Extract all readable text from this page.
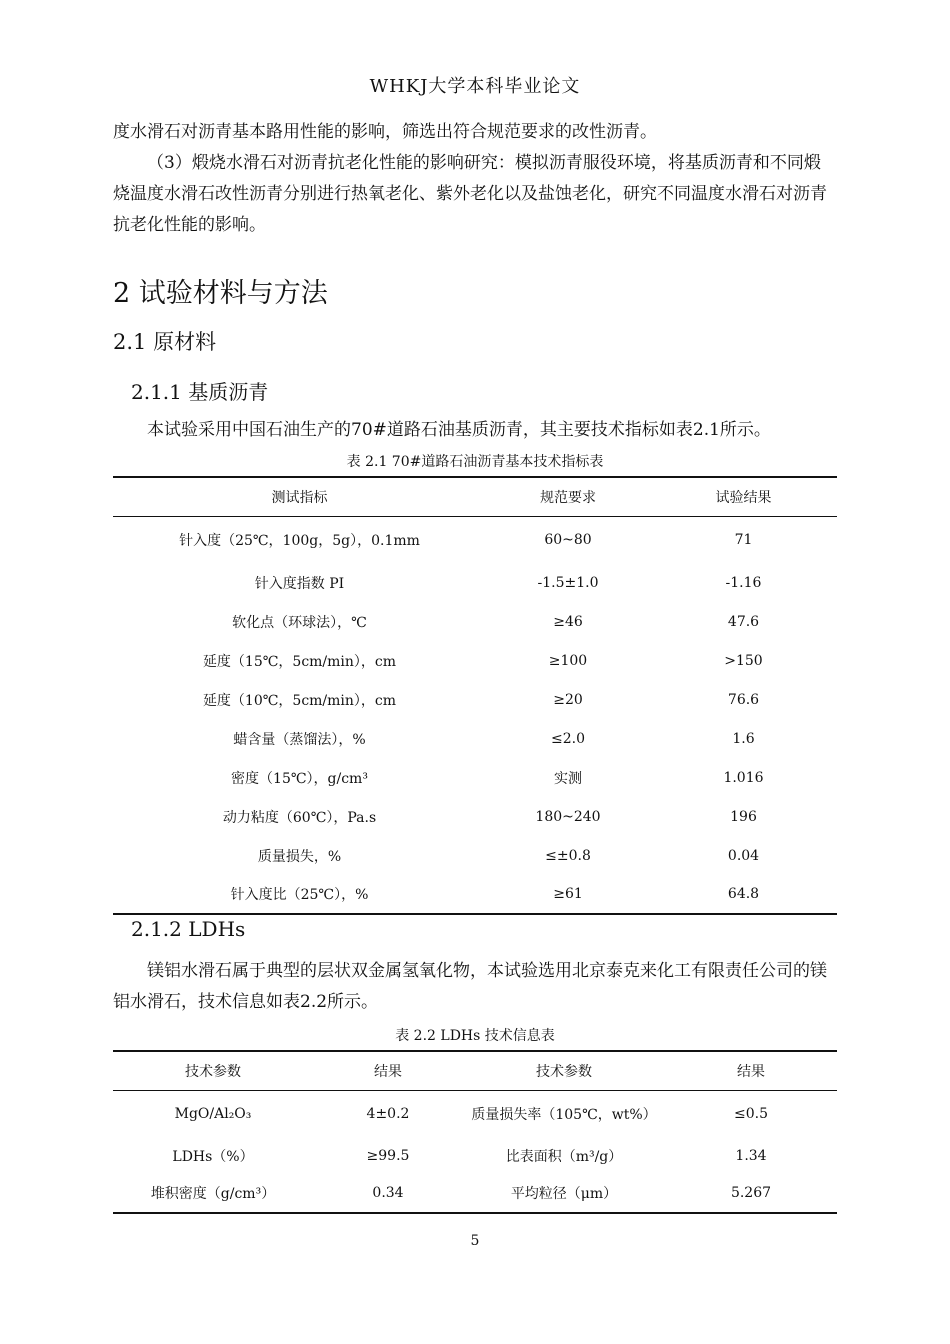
WHKJ大学本科毕业论文
度水滑石对沥青基本路用性能的影响，筛选出符合规范要求的改性沥青。
（3）煅烧水滑石对沥青抗老化性能的影响研究：模拟沥青服役环境，将基质沥青和不同煅烧温度水滑石改性沥青分别进行热氧老化、紫外老化以及盐蚀老化，研究不同温度水滑石对沥青抗老化性能的影响。
2 试验材料与方法
2.1 原材料
2.1.1 基质沥青
本试验采用中国石油生产的70#道路石油基质沥青，其主要技术指标如表2.1所示。
表 2.1 70#道路石油沥青基本技术指标表
测试指标	规范要求	试验结果
针入度（25℃，100g，5g），0.1mm	60~80	71
针入度指数 PI	-1.5±1.0	-1.16
软化点（环球法），℃	≥46	47.6
延度（15℃，5cm/min），cm	≥100	>150
延度（10℃，5cm/min），cm	≥20	76.6
蜡含量（蒸馏法），%	≤2.0	1.6
密度（15℃），g/cm³	实测	1.016
动力粘度（60℃），Pa.s	180~240	196
质量损失，%	≤±0.8	0.04
针入度比（25℃），%	≥61	64.8
2.1.2 LDHs
镁铝水滑石属于典型的层状双金属氢氧化物，本试验选用北京泰克来化工有限责任公司的镁铝水滑石，技术信息如表2.2所示。
表 2.2 LDHs 技术信息表
技术参数	结果	技术参数	结果
MgO/Al₂O₃	4±0.2	质量损失率（105℃，wt%）	≤0.5
LDHs（%）	≥99.5	比表面积（m³/g）	1.34
堆积密度（g/cm³）	0.34	平均粒径（μm）	5.267
5
